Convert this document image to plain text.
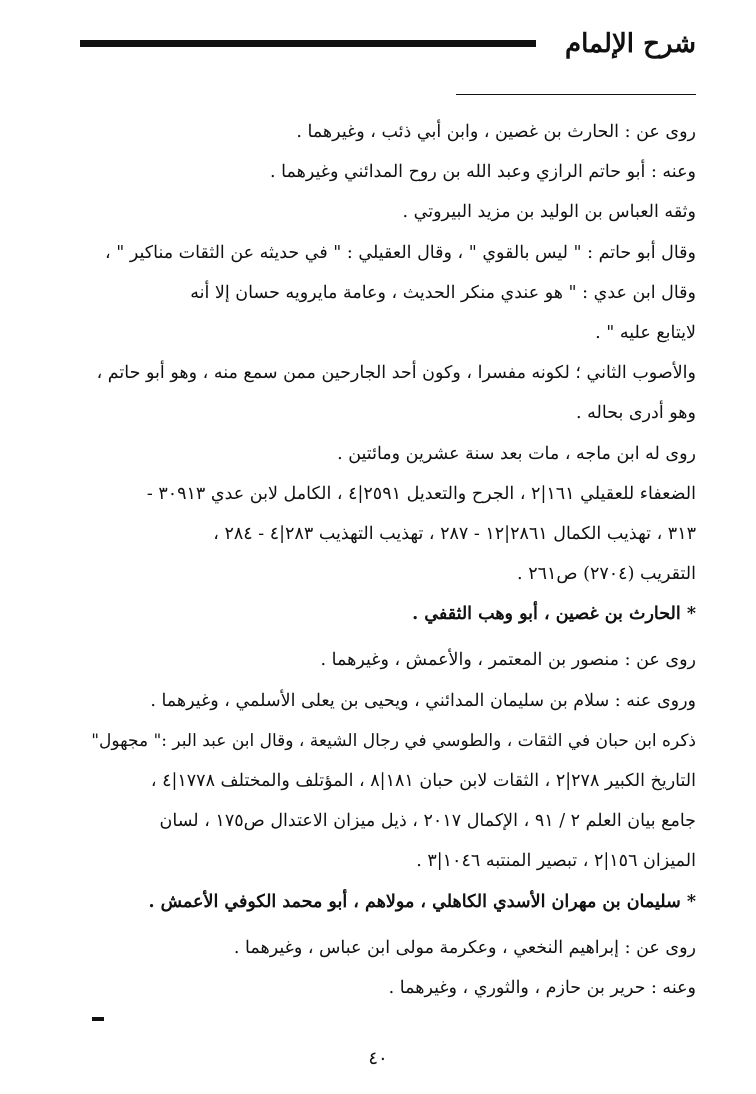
شرح الإلمام

روى عن : الحارث بن غصين ، وابن أبي ذئب ، وغيرهما .

وعنه : أبو حاتم الرازي وعبد الله بن روح المدائني وغيرهما .

وثقه العباس بن الوليد بن مزيد البيروتي .

وقال أبو حاتم : " ليس بالقوي " ، وقال العقيلي : " في حديثه عن الثقات مناكير " ،

وقال ابن عدي : " هو عندي منكر الحديث ، وعامة مايرويه حسان إلا أنه

لايتابع عليه " .

والأصوب الثاني ؛ لكونه مفسرا ، وكون أحد الجارحين ممن سمع منه ، وهو أبو حاتم ،

وهو أدرى بحاله .

روى له ابن ماجه ، مات بعد سنة عشرين ومائتين .

الضعفاء للعقيلي ١٦١|٢ ، الجرح والتعديل ٢٥٩١|٤ ، الكامل لابن عدي ٣٠٩١٣ -

٣١٣ ، تهذيب الكمال ٢٨٦١|١٢ - ٢٨٧ ، تهذيب التهذيب ٢٨٣|٤ - ٢٨٤ ،

التقريب (٢٧٠٤) ص٢٦١ .

* الحارث بن غصين ، أبو وهب الثقفي .

روى عن : منصور بن المعتمر ، والأعمش ، وغيرهما .

وروى عنه : سلام بن سليمان المدائني ، ويحيى بن يعلى الأسلمي ، وغيرهما .

ذكره ابن حبان في الثقات ، والطوسي في رجال الشيعة ، وقال ابن عبد البر :" مجهول"

التاريخ الكبير ٢٧٨|٢ ، الثقات لابن حبان ١٨١|٨ ، المؤتلف والمختلف ١٧٧٨|٤ ،

جامع بيان العلم ٢ / ٩١ ، الإكمال ٢٠١٧ ، ذيل ميزان الاعتدال ص١٧٥ ، لسان

الميزان ١٥٦|٢ ، تبصير المنتبه ١٠٤٦|٣ .

* سليمان بن مهران الأسدي الكاهلي ، مولاهم ، أبو محمد الكوفي الأعمش .

روى عن : إبراهيم النخعي ، وعكرمة مولى ابن عباس ، وغيرهما .

وعنه : حرير بن حازم ، والثوري ، وغيرهما .

٤٠
